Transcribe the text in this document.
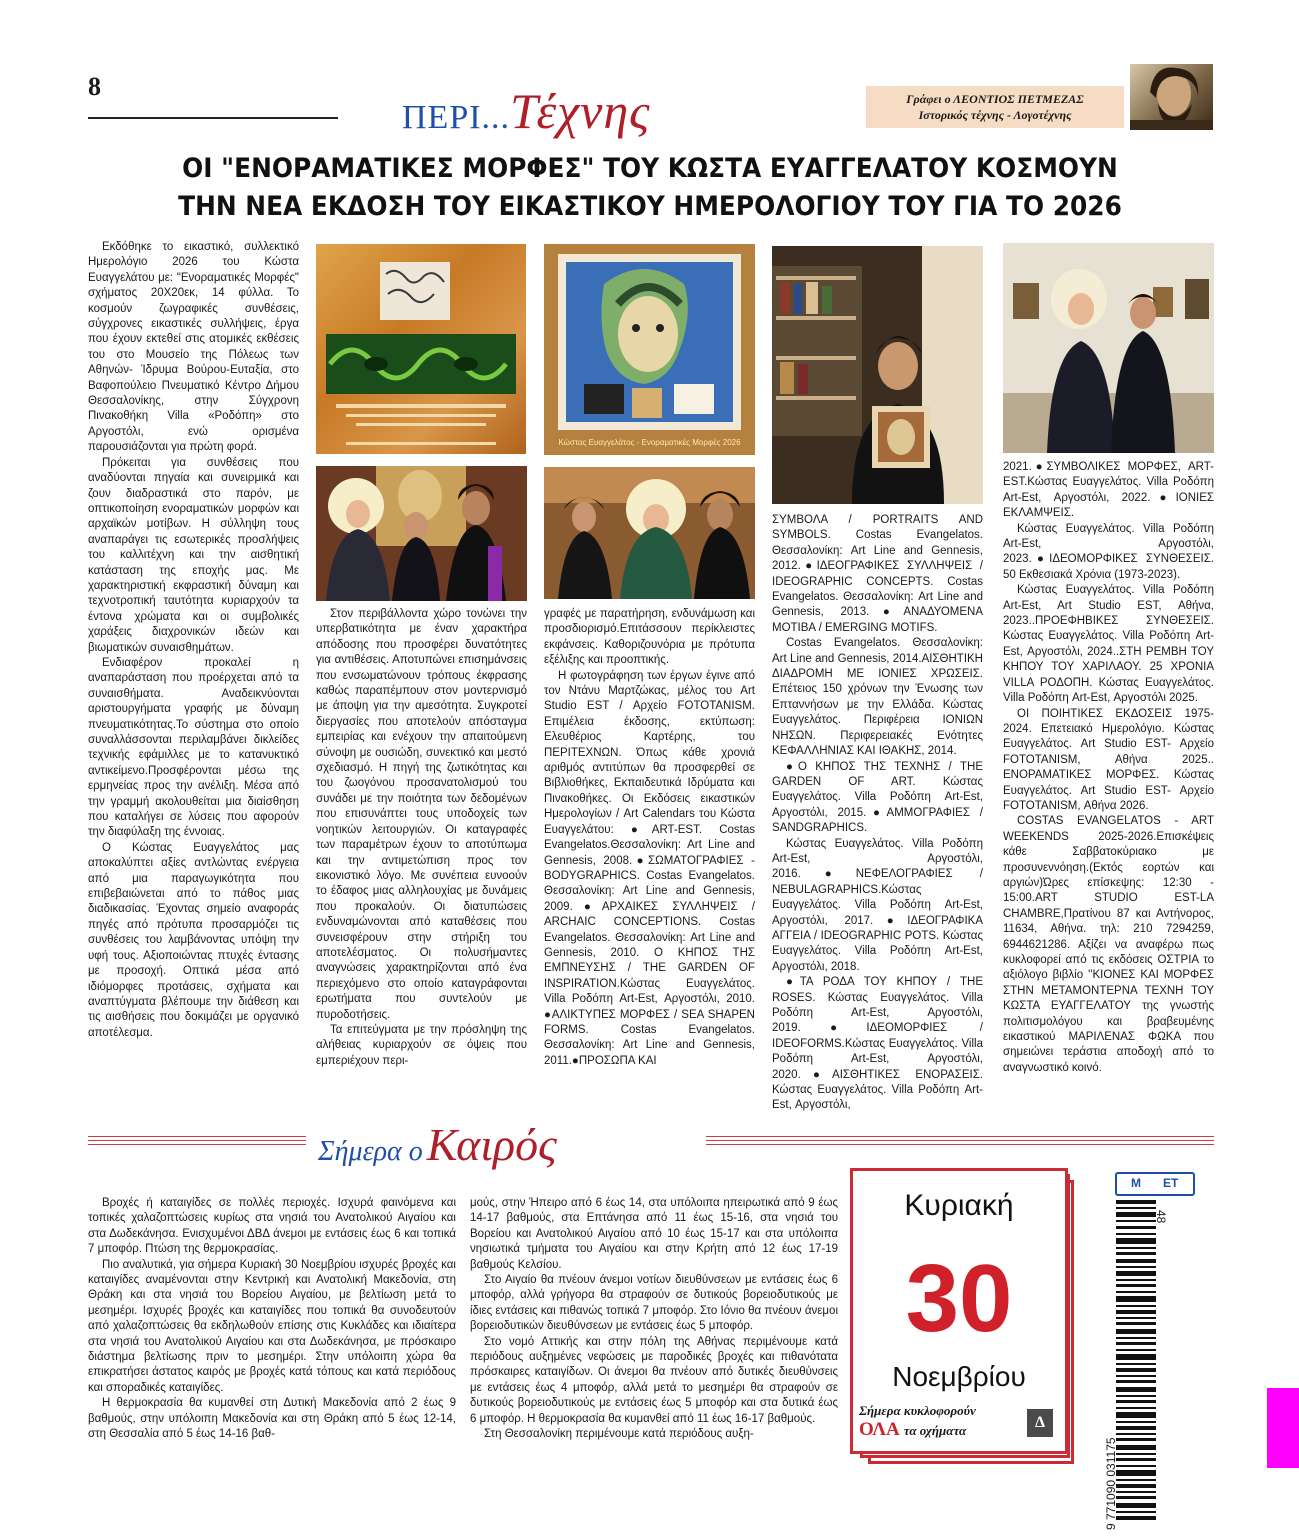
8
ΠΕΡΙ...Τέχνης	Γράφει ο ΛΕΟΝΤΙΟΣ ΠΕΤΜΕΖΑΣ
Ιστορικός τέχνης - Λογοτέχνης
ΟΙ "ΕΝΟΡΑΜΑΤΙΚΕΣ ΜΟΡΦΕΣ" ΤΟΥ ΚΩΣΤΑ ΕΥΑΓΓΕΛΑΤΟΥ ΚΟΣΜΟΥΝ
ΤΗΝ ΝΕΑ ΕΚΔΟΣΗ ΤΟΥ ΕΙΚΑΣΤΙΚΟΥ ΗΜΕΡΟΛΟΓΙΟΥ ΤΟΥ ΓΙΑ ΤΟ 2026
Κώστας Ευαγγελάτος - Ενοραματικές Μορφές 2026

Εκδόθηκε το εικαστικό, συλλεκτικό Ημερολόγιο 2026 του Κώστα Ευαγγελάτου με: "Ενοραματικές Μορφές" σχήματος 20Χ20εκ, 14 φύλλα. Το κοσμούν ζωγραφικές συνθέσεις, σύγχρονες εικαστικές συλλήψεις, έργα που έχουν εκτεθεί στις ατομικές εκθέσεις του στο Μουσείο της Πόλεως των Αθηνών- Ίδρυμα Βούρου-Ευταξία, στο Βαφοπούλειο Πνευματικό Κέντρο Δήμου Θεσσαλονίκης, στην Σύγχρονη Πινακοθήκη Villa «Ροδόπη» στο Αργοστόλι, ενώ ορισμένα παρουσιάζονται για πρώτη φορά.

Πρόκειται για συνθέσεις που αναδύονται πηγαία και συνειρμικά και ζουν διαδραστικά στο παρόν, με οπτικοποίηση ενοραματικών μορφών και αρχαϊκών μοτίβων. Η σύλληψη τους αναπαράγει τις εσωτερικές προσλήψεις του καλλιτέχνη και την αισθητική κατάσταση της εποχής μας. Με χαρακτηριστική εκφραστική δύναμη και τεχνοτροπική ταυτότητα κυριαρχούν τα έντονα χρώματα και οι συμβολικές χαράξεις διαχρονικών ιδεών και βιωματικών συναισθημάτων.

Ενδιαφέρον προκαλεί η αναπαράσταση που προέρχεται από τα συναισθήματα. Αναδεικνύονται αριστουργήματα γραφής με δύναμη πνευματικότητας.Το σύστημα στο οποίο συναλλάσσονται περιλαμβάνει δικλείδες τεχνικής εφάμιλλες με το κατανυκτικό αντικείμενο.Προσφέρονται μέσω της ερμηνείας προς την ανέλιξη. Μέσα από την γραμμή ακολουθείται μια διαίσθηση που καταλήγει σε λύσεις που αφορούν την διαφύλαξη της έννοιας.

Ο Κώστας Ευαγγελάτος μας αποκαλύπτει αξίες αντλώντας ενέργεια από μια παραγωγικότητα που επιβεβαιώνεται από το πάθος μιας διαδικασίας. Έχοντας σημείο αναφοράς πηγές από πρότυπα προσαρμόζει τις συνθέσεις του λαμβάνοντας υπόψη την υφή τους. Αξιοποιώντας πτυχές έντασης με προσοχή. Οπτικά μέσα από ιδιόμορφες προτάσεις, σχήματα και αναπτύγματα βλέπουμε την διάθεση και τις αισθήσεις που δοκιμάζει με οργανικό αποτέλεσμα.

Στον περιβάλλοντα χώρο τονώνει την υπερβατικότητα με έναν χαρακτήρα απόδοσης που προσφέρει δυνατότητες για αντιθέσεις. Αποτυπώνει επισημάνσεις που ενσωματώνουν τρόπους έκφρασης καθώς παραπέμπουν στον μοντερνισμό με άποψη για την αμεσότητα. Συγκροτεί διεργασίες που αποτελούν απόσταγμα εμπειρίας και ενέχουν την απαιτούμενη σύνοψη με ουσιώδη, συνεκτικό και μεστό σχεδιασμό. Η πηγή της ζωτικότητας και του ζωογόνου προσανατολισμού του συνάδει με την ποιότητα των δεδομένων που επισυνάπτει τους υποδοχείς των νοητικών λειτουργιών. Οι καταγραφές των παραμέτρων έχουν το αποτύπωμα και την αντιμετώπιση προς τον εικονιστικό λόγο. Με συνέπεια ευνοούν το έδαφος μιας αλληλουχίας με δυνάμεις που προκαλούν. Οι διατυπώσεις ενδυναμώνονται από καταθέσεις που συνεισφέρουν στην στήριξη του αποτελέσματος. Οι πολυσήμαντες αναγνώσεις χαρακτηρίζονται από ένα περιεχόμενο στο οποίο καταγράφονται ερωτήματα που συντελούν με πυροδοτήσεις.

Τα επιτεύγματα με την πρόσληψη της αλήθειας κυριαρχούν σε όψεις που εμπεριέχουν περι-

γραφές με παρατήρηση, ενδυνάμωση και προσδιορισμό.Επιτάσσουν περίκλειστες εκφάνσεις. Καθοριζουνόρια με πρότυπα εξέλιξης και προοπτικής.

Η φωτογράφηση των έργων έγινε από τον Ντάνυ Μαρτζώκας, μέλος του Art Studio EST / Αρχείο FOTOTANISM. Επιμέλεια έκδοσης, εκτύπωση: Ελευθέριος Καρτέρης, του ΠΕΡΙΤΕΧΝΩΝ. Όπως κάθε χρονιά αριθμός αντιτύπων θα προσφερθεί σε Βιβλιοθήκες, Εκπαιδευτικά Ιδρύματα και Πινακοθήκες. Οι Εκδόσεις εικαστικών Ημερολογίων / Art Calendars του Κώστα Ευαγγελάτου: ●ART-EST. Costas Evangelatos.Θεσσαλονίκη: Art Line and Gennesis, 2008.●ΣΩΜΑΤΟΓΡΑΦΙΕΣ - BODYGRAPHICS. Costas Evangelatos. Θεσσαλονίκη: Art Line and Gennesis, 2009.●ΑΡΧΑΙΚΕΣ ΣΥΛΛΗΨΕΙΣ / ARCHAIC CONCEPTIONS. Costas Evangelatos. Θεσσαλονίκη: Art Line and Gennesis, 2010. Ο ΚΗΠΟΣ ΤΗΣ ΕΜΠΝΕΥΣΗΣ / THE GARDEN OF INSPIRATION.Κώστας Ευαγγελάτος. Villa Ροδόπη Art-Est, Αργοστόλι, 2010. ●ΑΛΙΚΤΥΠΕΣ ΜΟΡΦΕΣ / SEA SHAPEN FORMS. Costas Evangelatos. Θεσσαλονίκη: Art Line and Gennesis, 2011.●ΠΡΟΣΩΠΑ ΚΑΙ

ΣΥΜΒΟΛΑ / PORTRAITS AND SYMBOLS. Costas Evangelatos. Θεσσαλονίκη: Art Line and Gennesis, 2012.●ΙΔΕΟΓΡΑΦΙΚΕΣ ΣΥΛΛΗΨΕΙΣ / IDEOGRAPHIC CONCEPTS. Costas Evangelatos. Θεσσαλονίκη: Art Line and Gennesis, 2013.●ΑΝΑΔΥΟΜΕΝΑ ΜΟΤΙΒΑ / EMERGING MOTIFS.

Costas Evangelatos. Θεσσαλονίκη: Art Line and Gennesis, 2014.ΑΙΣΘΗΤΙΚΗ ΔΙΑΔΡΟΜΗ ΜΕ ΙΟΝΙΕΣ ΧΡΩΣΕΙΣ. Επέτειος 150 χρόνων την Ένωσης των Επταννήσων με την Ελλάδα. Κώστας Ευαγγελάτος. Περιφέρεια ΙΟΝΙΩΝ ΝΗΣΩΝ. Περιφερειακές Ενότητες ΚΕΦΑΛΛΗΝΙΑΣ ΚΑΙ ΙΘΑΚΗΣ, 2014.

●Ο ΚΗΠΟΣ ΤΗΣ ΤΕΧΝΗΣ / THE GARDEN OF ART. Κώστας Ευαγγελάτος. Villa Ροδόπη Art-Est, Αργοστόλι, 2015.●ΑΜΜΟΓΡΑΦΙΕΣ / SANDGRAPHICS.

Κώστας Ευαγγελάτος. Villa Ροδόπη Art-Est, Αργοστόλι, 2016.●ΝΕΦΕΛΟΓΡΑΦΙΕΣ / NEBULAGRAPHICS.Κώστας Ευαγγελάτος. Villa Ροδόπη Art-Est, Αργοστόλι, 2017.●ΙΔΕΟΓΡΑΦΙΚΑ ΑΓΓΕΙΑ / IDEOGRAPHIC POTS. Κώστας Ευαγγελάτος. Villa Ροδόπη Art-Est, Αργοστόλι, 2018.

●ΤΑ ΡΟΔΑ ΤΟΥ ΚΗΠΟΥ / THE ROSES. Κώστας Ευαγγελάτος. Villa Ροδόπη Art-Est, Αργοστόλι, 2019.●ΙΔΕΟΜΟΡΦΙΕΣ / IDEOFORMS.Κώστας Ευαγγελάτος. Villa Ροδόπη Art-Est, Αργοστόλι, 2020.●ΑΙΣΘΗΤΙΚΕΣ ΕΝΟΡΑΣΕΙΣ. Κώστας Ευαγγελάτος. Villa Ροδόπη Art-Est, Αργοστόλι,

2021.●ΣΥΜΒΟΛΙΚΕΣ ΜΟΡΦΕΣ, ART-EST.Κώστας Ευαγγελάτος. Villa Ροδόπη Art-Est, Αργοστόλι, 2022.●ΙΟΝΙΕΣ ΕΚΛΑΜΨΕΙΣ.

Κώστας Ευαγγελάτος. Villa Ροδόπη Art-Est, Αργοστόλι, 2023.●ΙΔΕΟΜΟΡΦΙΚΕΣ ΣΥΝΘΕΣΕΙΣ. 50 Εκθεσιακά Χρόνια (1973-2023).

Κώστας Ευαγγελάτος. Villa Ροδόπη Art-Est, Art Studio EST, Αθήνα, 2023..ΠΡΟΕΦΗΒΙΚΕΣ ΣΥΝΘΕΣΕΙΣ. Κώστας Ευαγγελάτος. Villa Ροδόπη Art-Est, Αργοστόλι, 2024..ΣΤΗ ΡΕΜΒΗ ΤΟΥ ΚΗΠΟΥ ΤΟΥ ΧΑΡΙΛΑΟΥ. 25 ΧΡΟΝΙΑ VILLA ΡΟΔΟΠΗ. Κώστας Ευαγγελάτος. Villa Ροδόπη Art-Est, Αργοστόλι 2025.

ΟΙ ΠΟΙΗΤΙΚΕΣ ΕΚΔΟΣΕΙΣ 1975-2024. Επετειακό Ημερολόγιο. Κώστας Ευαγγελάτος. Art Studio EST- Αρχείο FOTOTANISM, Αθήνα 2025.. ΕΝΟΡΑΜΑΤΙΚΕΣ ΜΟΡΦΕΣ. Κώστας Ευαγγελάτος. Art Studio EST- Αρχείο FOTOTANISM, Αθήνα 2026.

COSTAS EVANGELATOS - ART WEEKENDS 2025-2026.Επισκέψεις κάθε Σαββατοκύριακο με προσυνεννόηση.(Εκτός εορτών και αργιών)Ώρες επίσκεψης: 12:30 - 15:00.ART STUDIO EST-LA CHAMBRE,Πρατίνου 87 και Αντήνορος, 11634, Αθήνα. τηλ: 210 7294259, 6944621286. Αξίζει να αναφέρω πως κυκλοφορεί από τις εκδόσεις ΟΣΤΡΙΑ το αξιόλογο βιβλίο ''ΚΙΟΝΕΣ ΚΑΙ ΜΟΡΦΕΣ ΣΤΗΝ ΜΕΤΑΜΟΝΤΕΡΝΑ ΤΕΧΝΗ ΤΟΥ ΚΩΣΤΑ ΕΥΑΓΓΕΛΑΤΟΥ της γνωστής πολιτισμολόγου και βραβευμένης εικαστικού ΜΑΡΙΛΕΝΑΣ ΦΩΚΑ που σημειώνει τεράστια αποδοχή από το αναγνωστικό κοινό.

Σήμερα ο Καιρός

Βροχές ή καταιγίδες σε πολλές περιοχές. Ισχυρά φαινόμενα και τοπικές χαλαζοπτώσεις κυρίως στα νησιά του Ανατολικού Αιγαίου και στα Δωδεκάνησα. Ενισχυμένοι ΔΒΔ άνεμοι με εντάσεις έως 6 και τοπικά 7 μποφόρ. Πτώση της θερμοκρασίας.

Πιο αναλυτικά, για σήμερα Κυριακή 30 Νοεμβρίου ισχυρές βροχές και καταιγίδες αναμένονται στην Κεντρική και Ανατολική Μακεδονία, στη Θράκη και στα νησιά του Βορείου Αιγαίου, με βελτίωση μετά το μεσημέρι. Ισχυρές βροχές και καταιγίδες που τοπικά θα συνοδευτούν από χαλαζοπτώσεις θα εκδηλωθούν επίσης στις Κυκλάδες και ιδιαίτερα στα νησιά του Ανατολικού Αιγαίου και στα Δωδεκάνησα, με πρόσκαιρο διάστημα βελτίωσης πριν το μεσημέρι. Στην υπόλοιπη χώρα θα επικρατήσει άστατος καιρός με βροχές κατά τόπους και κατά περιόδους και σποραδικές καταιγίδες.

Η θερμοκρασία θα κυμανθεί στη Δυτική Μακεδονία από 2 έως 9 βαθμούς, στην υπόλοιπη Μακεδονία και στη Θράκη από 5 έως 12-14, στη Θεσσαλία από 5 έως 14-16 βαθ-

μούς, στην Ήπειρο από 6 έως 14, στα υπόλοιπα ηπειρωτικά από 9 έως 14-17 βαθμούς, στα Επτάνησα από 11 έως 15-16, στα νησιά του Βορείου και Ανατολικού Αιγαίου από 10 έως 15-17 και στα υπόλοιπα νησιωτικά τμήματα του Αιγαίου και στην Κρήτη από 12 έως 17-19 βαθμούς Κελσίου.

Στο Αιγαίο θα πνέουν άνεμοι νοτίων διευθύνσεων με εντάσεις έως 6 μποφόρ, αλλά γρήγορα θα στραφούν σε δυτικούς βορειοδυτικούς με ίδιες εντάσεις και πιθανώς τοπικά 7 μποφόρ. Στο Ιόνιο θα πνέουν άνεμοι βορειοδυτικών διευθύνσεων με εντάσεις έως 5 μποφόρ.

Στο νομό Αττικής και στην πόλη της Αθήνας περιμένουμε κατά περιόδους αυξημένες νεφώσεις με παροδικές βροχές και πιθανότατα πρόσκαιρες καταιγίδων. Οι άνεμοι θα πνέουν από δυτικές διευθύνσεις με εντάσεις έως 4 μποφόρ, αλλά μετά το μεσημέρι θα στραφούν σε δυτικούς βορειοδυτικούς με εντάσεις έως 5 μποφόρ και στα δυτικά έως 6 μποφόρ. Η θερμοκρασία θα κυμανθεί από 11 έως 16-17 βαθμούς.

Στη Θεσσαλονίκη περιμένουμε κατά περιόδους αυξη-

Κυριακή
30
Νοεμβρίου
Σήμερα κυκλοφορούν
ΟΛΑ τα οχήματα	Δ
Μ ΕΤ
48
9 771090 031175
